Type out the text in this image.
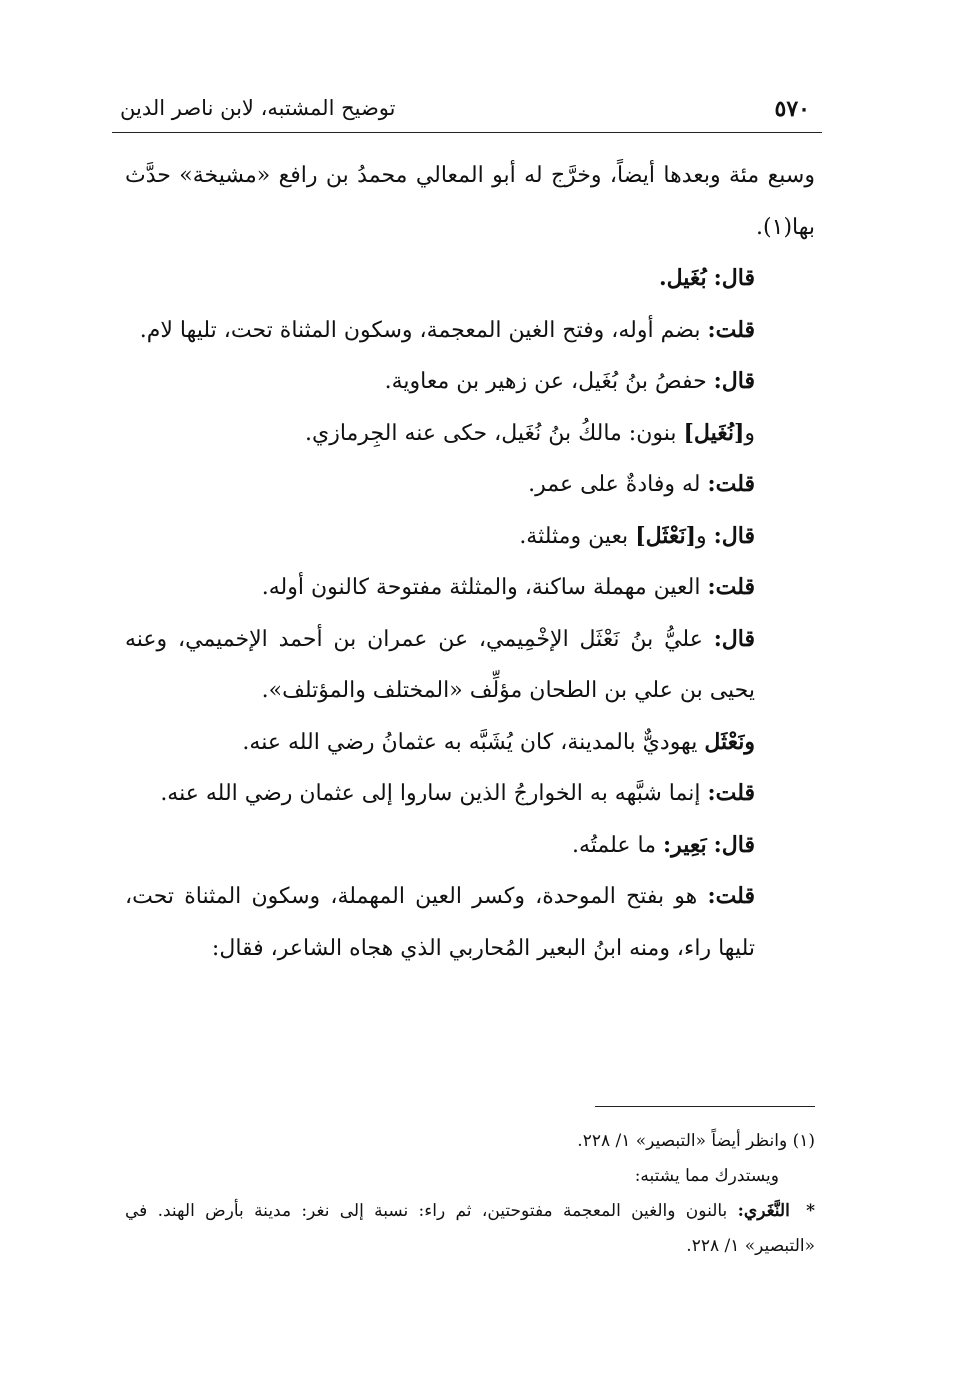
٥٧٠
توضيح المشتبه، لابن ناصر الدين

وسبع مئة وبعدها أيضاً، وخرَّج له أبو المعالي محمدُ بن رافع «مشيخة» حدَّث بها(١).

قال: بُغَيل.

قلت: بضم أوله، وفتح الغين المعجمة، وسكون المثناة تحت، تليها لام.

قال: حفصُ بنُ بُغَيل، عن زهير بن معاوية.

و[نُغَيل] بنون: مالكُ بنُ نُغَيل، حكى عنه الجِرمازي.

قلت: له وفادةٌ على عمر.

قال: و[نَعْثَل] بعين ومثلثة.

قلت: العين مهملة ساكنة، والمثلثة مفتوحة كالنون أوله.

قال: عليُّ بنُ نَعْثَل الإخْمِيمي، عن عمران بن أحمد الإخميمي، وعنه يحيى بن علي بن الطحان مؤلِّف «المختلف والمؤتلف».

ونَعْثَل يهوديٌّ بالمدينة، كان يُشَبَّه به عثمانُ رضي الله عنه.

قلت: إنما شبَّهه به الخوارجُ الذين ساروا إلى عثمان رضي الله عنه.

قال: بَعِير: ما علمتُه.

قلت: هو بفتح الموحدة، وكسر العين المهملة، وسكون المثناة تحت، تليها راء، ومنه ابنُ البعير المُحاربي الذي هجاه الشاعر، فقال:

(١) وانظر أيضاً «التبصير» ١/ ٢٢٨.

ويستدرك مما يشتبه:

* النَّغَري: بالنون والغين المعجمة مفتوحتين، ثم راء: نسبة إلى نغر: مدينة بأرض الهند. في «التبصير» ١/ ٢٢٨.
